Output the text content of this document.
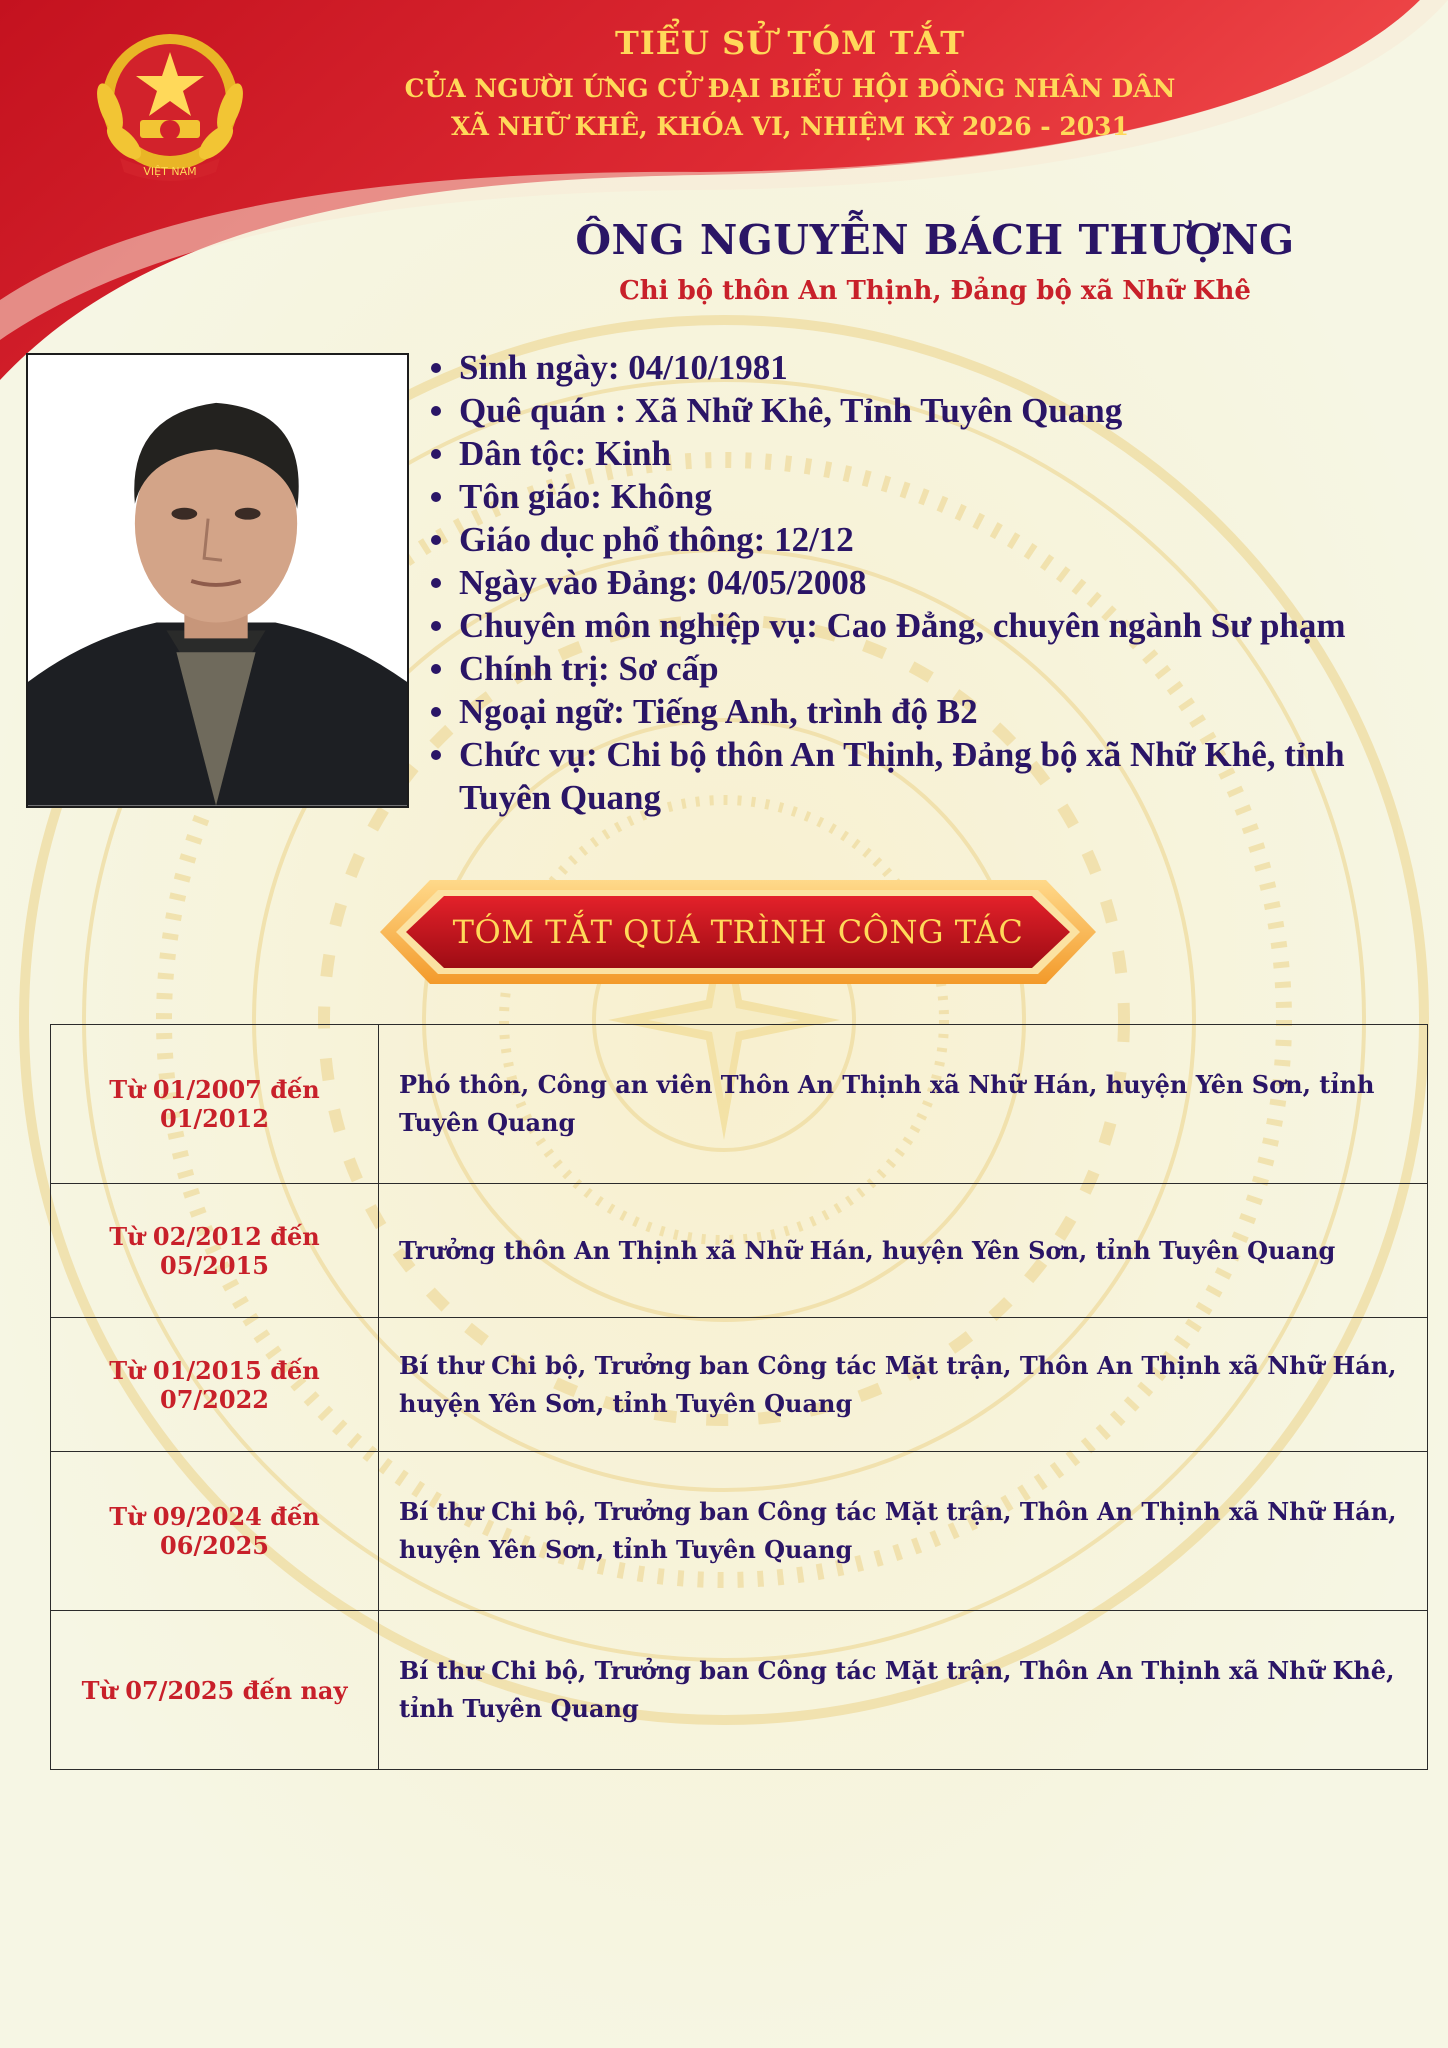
VIỆT NAM
TIỂU SỬ TÓM TẮT
CỦA NGƯỜI ỨNG CỬ ĐẠI BIỂU HỘI ĐỒNG NHÂN DÂN
XÃ NHỮ KHÊ, KHÓA VI, NHIỆM KỲ 2026 - 2031
ÔNG NGUYỄN BÁCH THƯỢNG
Chi bộ thôn An Thịnh, Đảng bộ xã Nhữ Khê
Sinh ngày: 04/10/1981
Quê quán : Xã Nhữ Khê, Tỉnh Tuyên Quang
Dân tộc: Kinh
Tôn giáo: Không
Giáo dục phổ thông: 12/12
Ngày vào Đảng: 04/05/2008
Chuyên môn nghiệp vụ: Cao Đẳng, chuyên ngành Sư phạm
Chính trị: Sơ cấp
Ngoại ngữ: Tiếng Anh, trình độ B2
Chức vụ: Chi bộ thôn An Thịnh, Đảng bộ xã Nhữ Khê, tỉnh Tuyên Quang
TÓM TẮT QUÁ TRÌNH CÔNG TÁC
Từ 01/2007 đến 01/2012	Phó thôn, Công an viên Thôn An Thịnh xã Nhữ Hán, huyện Yên Sơn, tỉnh Tuyên Quang
Từ 02/2012 đến 05/2015	Trưởng thôn An Thịnh xã Nhữ Hán, huyện Yên Sơn, tỉnh Tuyên Quang
Từ 01/2015 đến 07/2022	Bí thư Chi bộ, Trưởng ban Công tác Mặt trận, Thôn An Thịnh xã Nhữ Hán, huyện Yên Sơn, tỉnh Tuyên Quang
Từ 09/2024 đến 06/2025	Bí thư Chi bộ, Trưởng ban Công tác Mặt trận, Thôn An Thịnh xã Nhữ Hán, huyện Yên Sơn, tỉnh Tuyên Quang
Từ 07/2025 đến nay	Bí thư Chi bộ, Trưởng ban Công tác Mặt trận, Thôn An Thịnh xã Nhữ Khê, tỉnh Tuyên Quang
